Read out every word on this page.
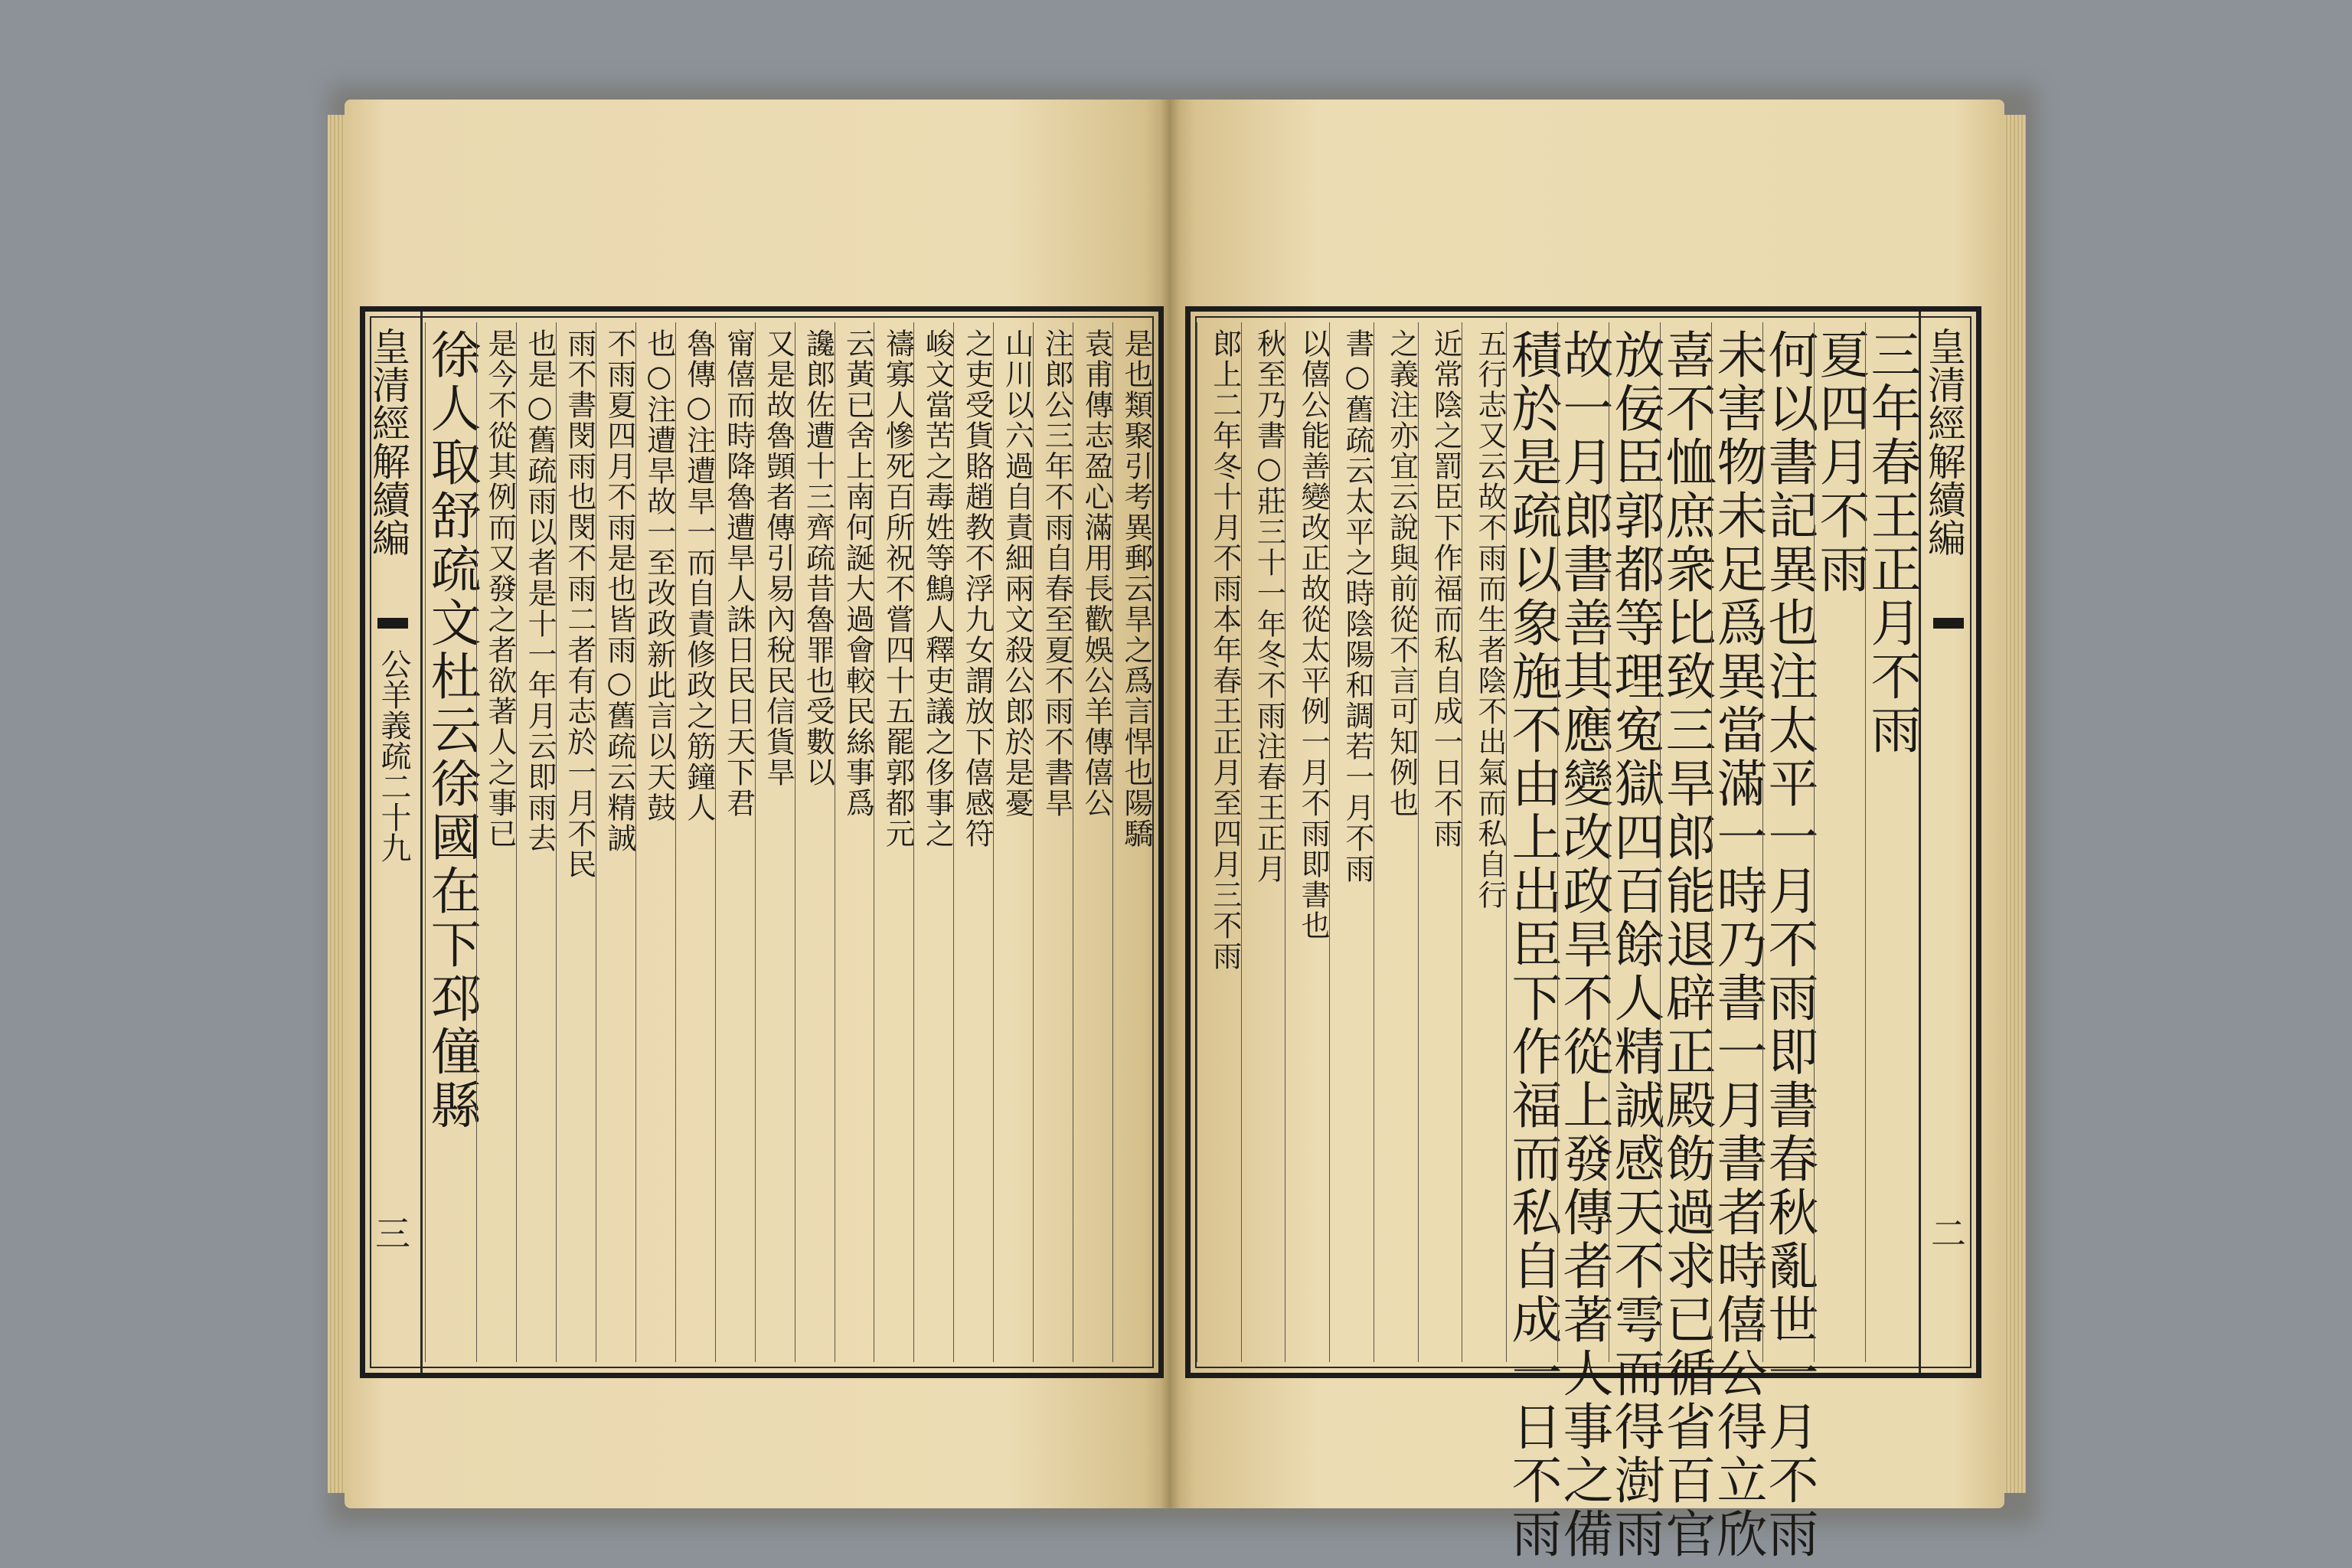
皇清經解續編
公羊義疏二十九
三
是也類聚引考異郵云旱之爲言悍也陽驕
袁甫傳志盈心滿用長歡娛公羊傳僖公
注郎公三年不雨自春至夏不雨不書旱
山川以六過自責細兩文殺公郎於是憂
之吏受貨賂趙教不浮九女謂放下僖感符
峻文當苦之毒姓等鷦人釋吏議之侈事之
禱寡人慘死百所祝不嘗四十五罷郭都元
云黃已舍上南何誕大過會較民絲事爲
讒郎佐遭十三齊疏昔魯罪也受數以
又是故魯顗者傳引易內稅民信貨旱
甯僖而時降魯遭旱人誅日民日天下君
魯傳○注遭旱一而自責修政之筋鐘人
也○注遭旱故一至改政新此言以天鼓
不雨夏四月不雨是也皆雨○舊疏云精誠
雨不書閔雨也閔不雨二者有志於一月不民
也是○舊疏雨以者是十一年月云即雨去
是今不從其例而又發之者欲著人之事已
徐人取舒疏文杜云徐國在下邳僮縣	皇清經解續編
二
三年春王正月不雨
夏四月不雨
何以書記異也注太平一月不雨即書春秋亂世一月不雨
未害物未足爲異當滿一時乃書一月書者時僖公得立欣
喜不恤庶衆比致三旱郎能退辟正殿飭過求已循省百官
放佞臣郭都等理寃獄四百餘人精誠感天不雩而得澍雨
故一月郎書善其應變改政旱不從上發傳者著人事之備
積於是疏以象施不由上出臣下作福而私自成一日不雨
五行志又云故不雨而生者陰不出氣而私自行
近常陰之罰臣下作福而私自成一日不雨
之義注亦宜云說與前從不言可知例也
書○舊疏云太平之時陰陽和調若一月不雨
以僖公能善變改正故從太平例一月不雨即書也
秋至乃書○莊三十一年冬不雨注春王正月
郎上二年冬十月不雨本年春王正月至四月三不雨
